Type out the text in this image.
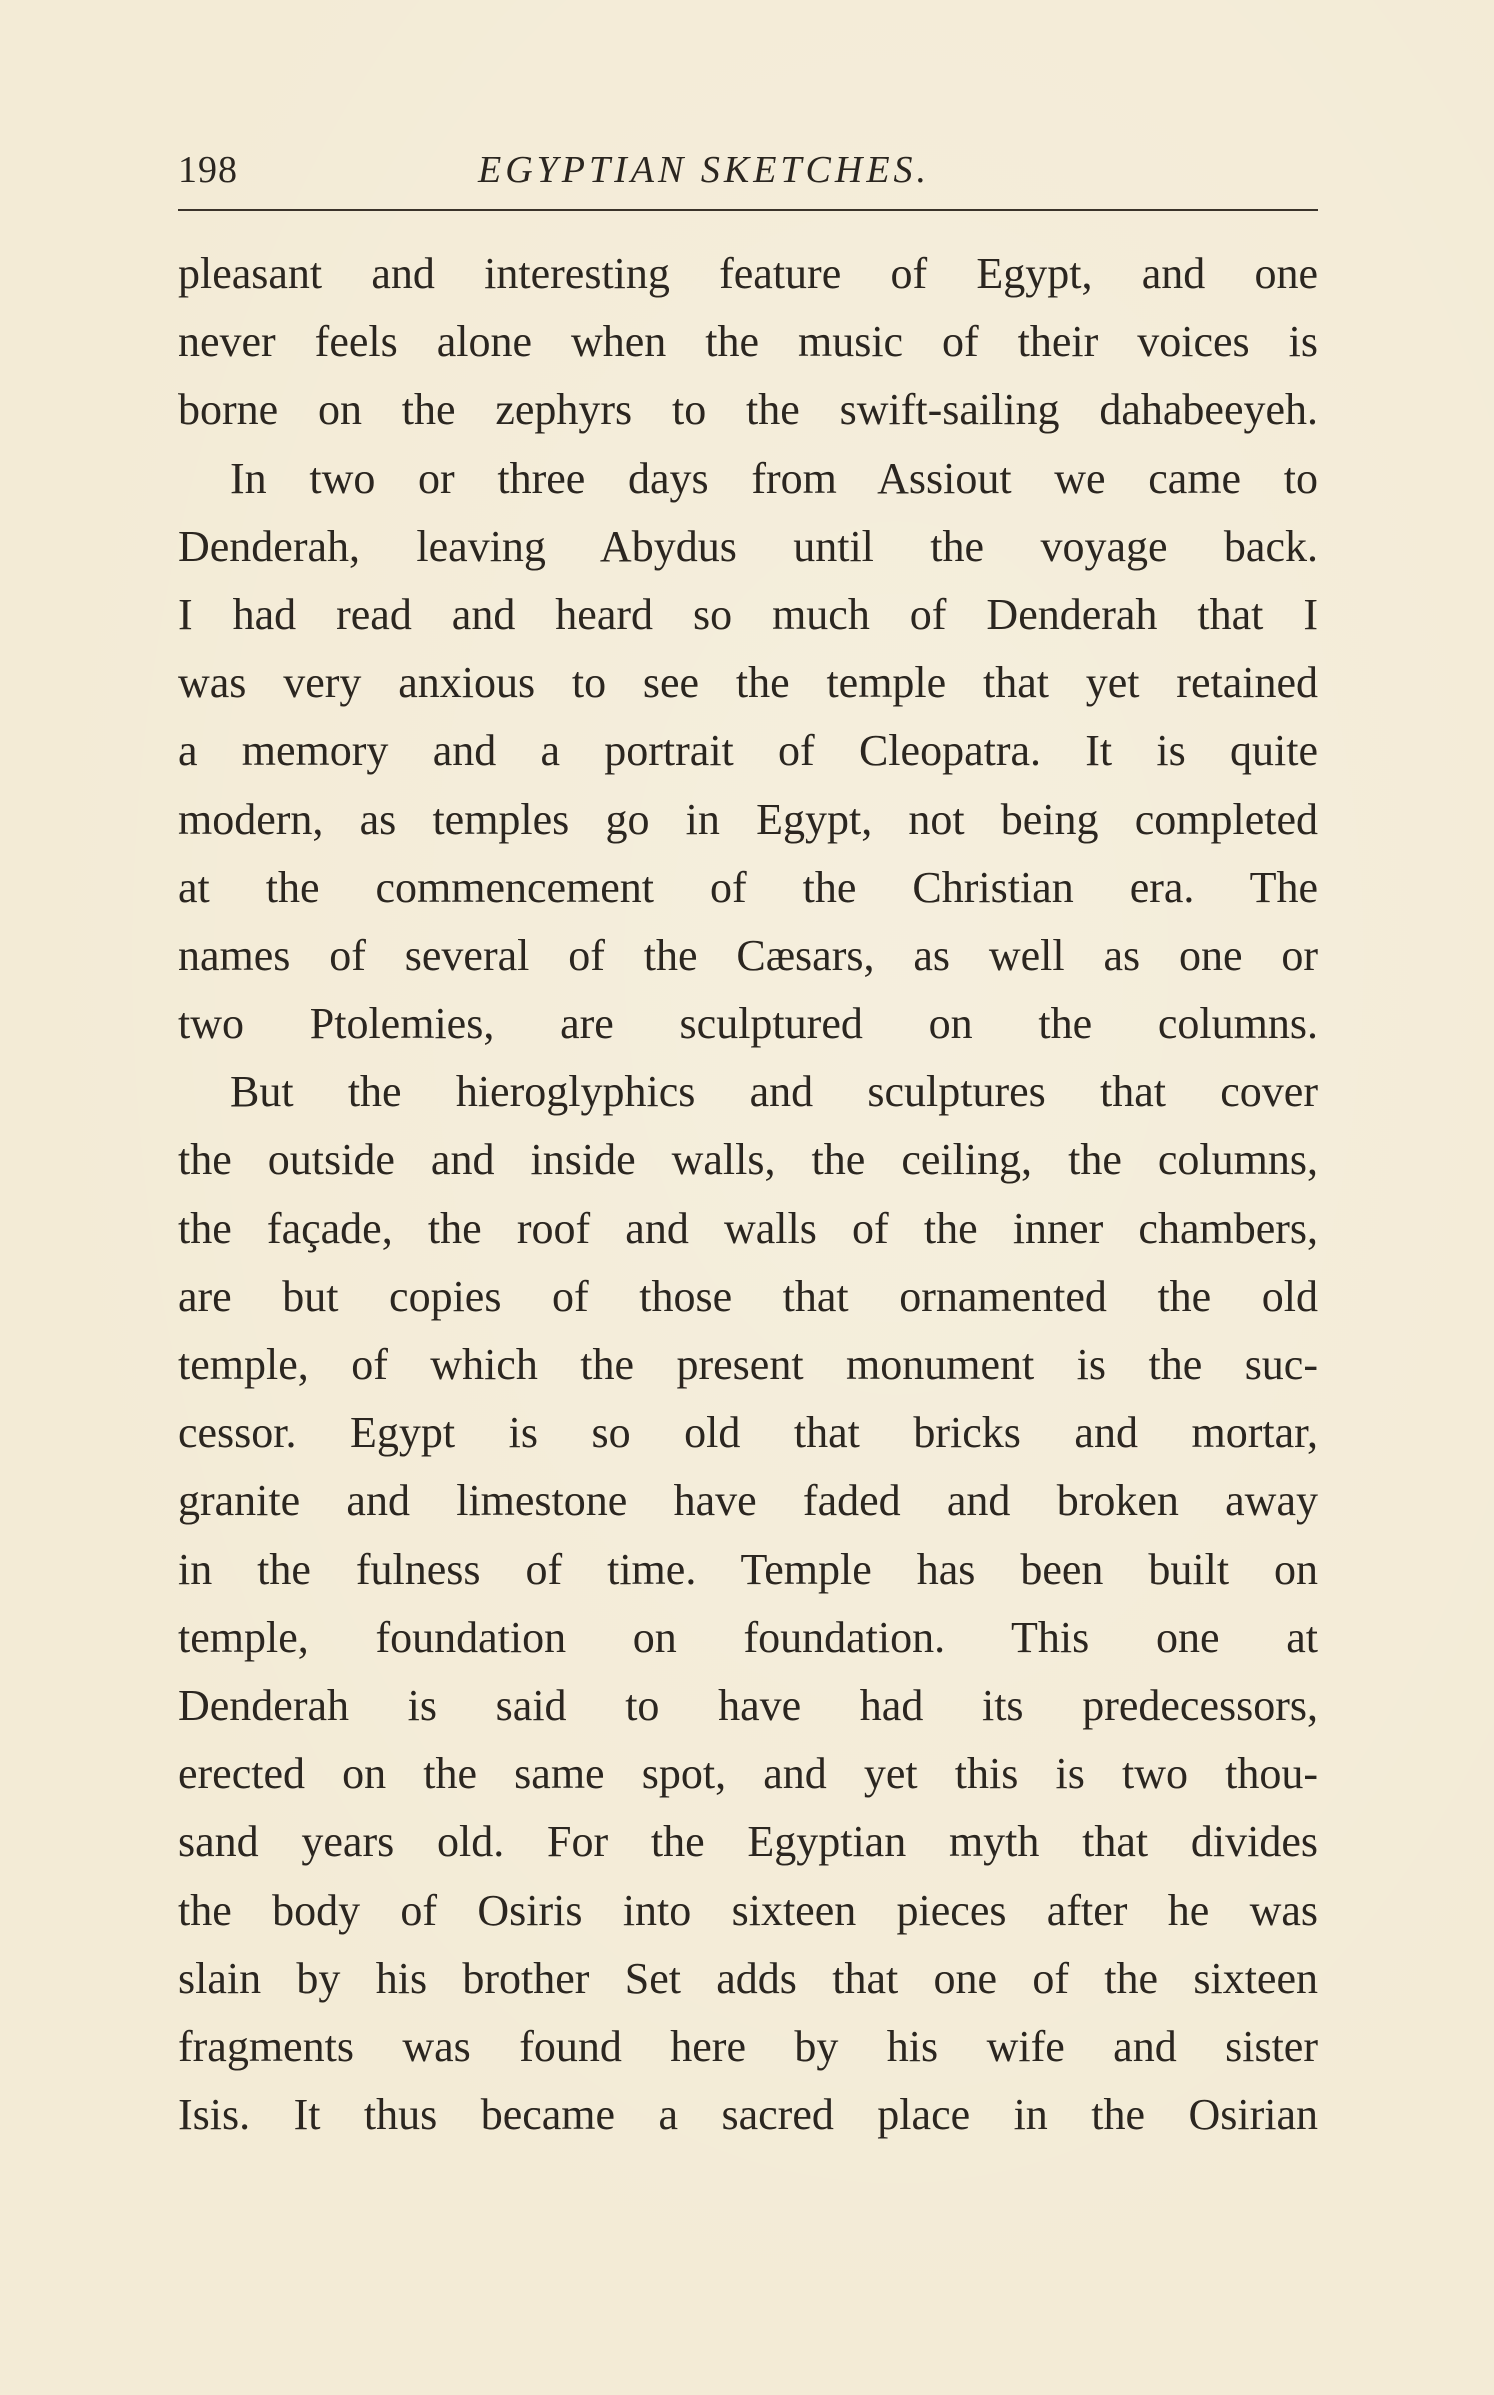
198	EGYPTIAN SKETCHES.
pleasant and interesting feature of Egypt, and one
never feels alone when the music of their voices is
borne on the zephyrs to the swift-sailing dahabeeyeh.
In two or three days from Assiout we came to
Denderah, leaving Abydus until the voyage back.
I had read and heard so much of Denderah that I
was very anxious to see the temple that yet retained
a memory and a portrait of Cleopatra. It is quite
modern, as temples go in Egypt, not being completed
at the commencement of the Christian era. The
names of several of the Cæsars, as well as one or
two Ptolemies, are sculptured on the columns.
But the hieroglyphics and sculptures that cover
the outside and inside walls, the ceiling, the columns,
the façade, the roof and walls of the inner chambers,
are but copies of those that ornamented the old
temple, of which the present monument is the suc-
cessor. Egypt is so old that bricks and mortar,
granite and limestone have faded and broken away
in the fulness of time. Temple has been built on
temple, foundation on foundation. This one at
Denderah is said to have had its predecessors,
erected on the same spot, and yet this is two thou-
sand years old. For the Egyptian myth that divides
the body of Osiris into sixteen pieces after he was
slain by his brother Set adds that one of the sixteen
fragments was found here by his wife and sister
Isis. It thus became a sacred place in the Osirian
